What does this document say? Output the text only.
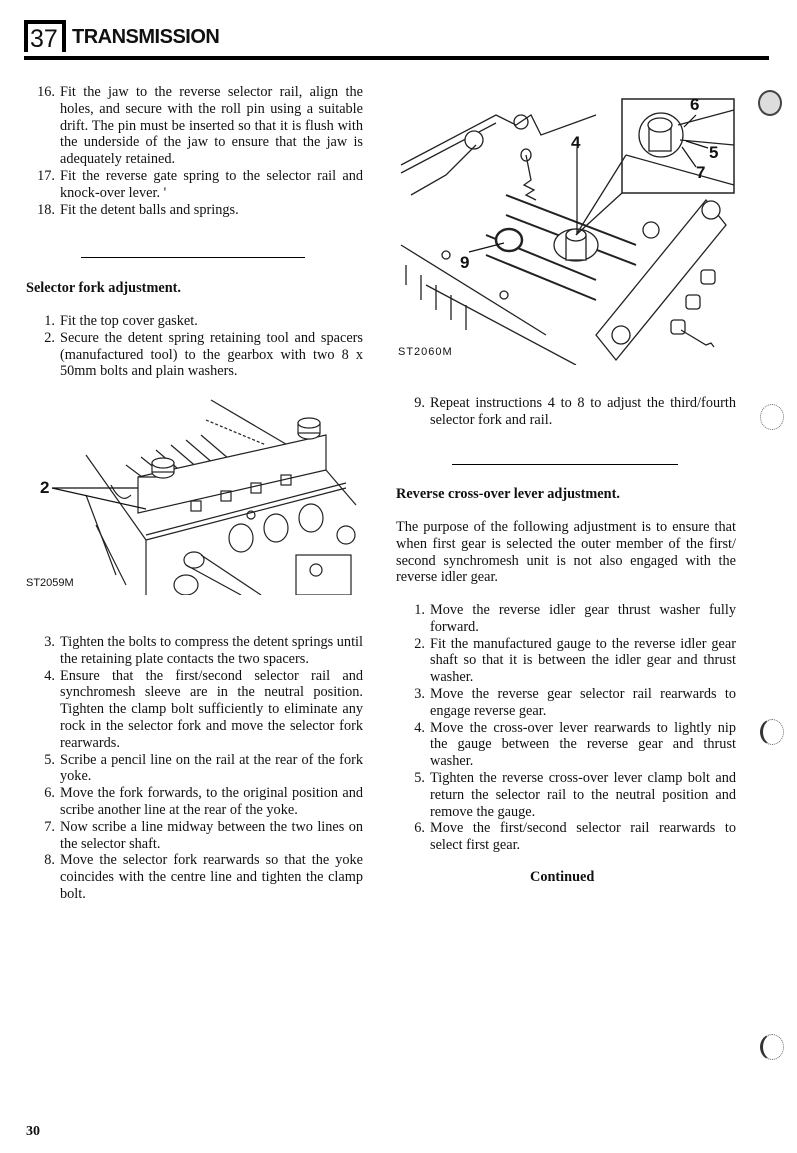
37 TRANSMISSION
16. Fit the jaw to the reverse selector rail, align the holes, and secure with the roll pin using a suitable drift. The pin must be inserted so that it is flush with the underside of the jaw to ensure that the jaw is adequately retained.
17. Fit the reverse gate spring to the selector rail and knock-over lever. '
18. Fit the detent balls and springs.
Selector fork adjustment.
1. Fit the top cover gasket.
2. Secure the detent spring retaining tool and spacers (manufactured tool) to the gearbox with two 8 x 50mm bolts and plain washers.
2
ST2059M
3. Tighten the bolts to compress the detent springs until the retaining plate contacts the two spacers.
4. Ensure that the first/second selector rail and synchromesh sleeve are in the neutral position. Tighten the clamp bolt sufficiently to eliminate any rock in the selector fork and move the selector fork rearwards.
5. Scribe a pencil line on the rail at the rear of the fork yoke.
6. Move the fork forwards, to the original position and scribe another line at the rear of the yoke.
7. Now scribe a line midway between the two lines on the selector shaft.
8. Move the selector fork rearwards so that the yoke coincides with the centre line and tighten the clamp bolt.
4
5
6
7
9
ST2060M
9. Repeat instructions 4 to 8 to adjust the third/fourth selector fork and rail.
Reverse cross-over lever adjustment.
The purpose of the following adjustment is to ensure that when first gear is selected the outer member of the first/ second synchromesh unit is not also engaged with the reverse idler gear.
1. Move the reverse idler gear thrust washer fully forward.
2. Fit the manufactured gauge to the reverse idler gear shaft so that it is between the idler gear and thrust washer.
3. Move the reverse gear selector rail rearwards to engage reverse gear.
4. Move the cross-over lever rearwards to lightly nip the gauge between the reverse gear and thrust washer.
5. Tighten the reverse cross-over lever clamp bolt and return the selector rail to the neutral position and remove the gauge.
6. Move the first/second selector rail rearwards to select first gear.
Continued
30
